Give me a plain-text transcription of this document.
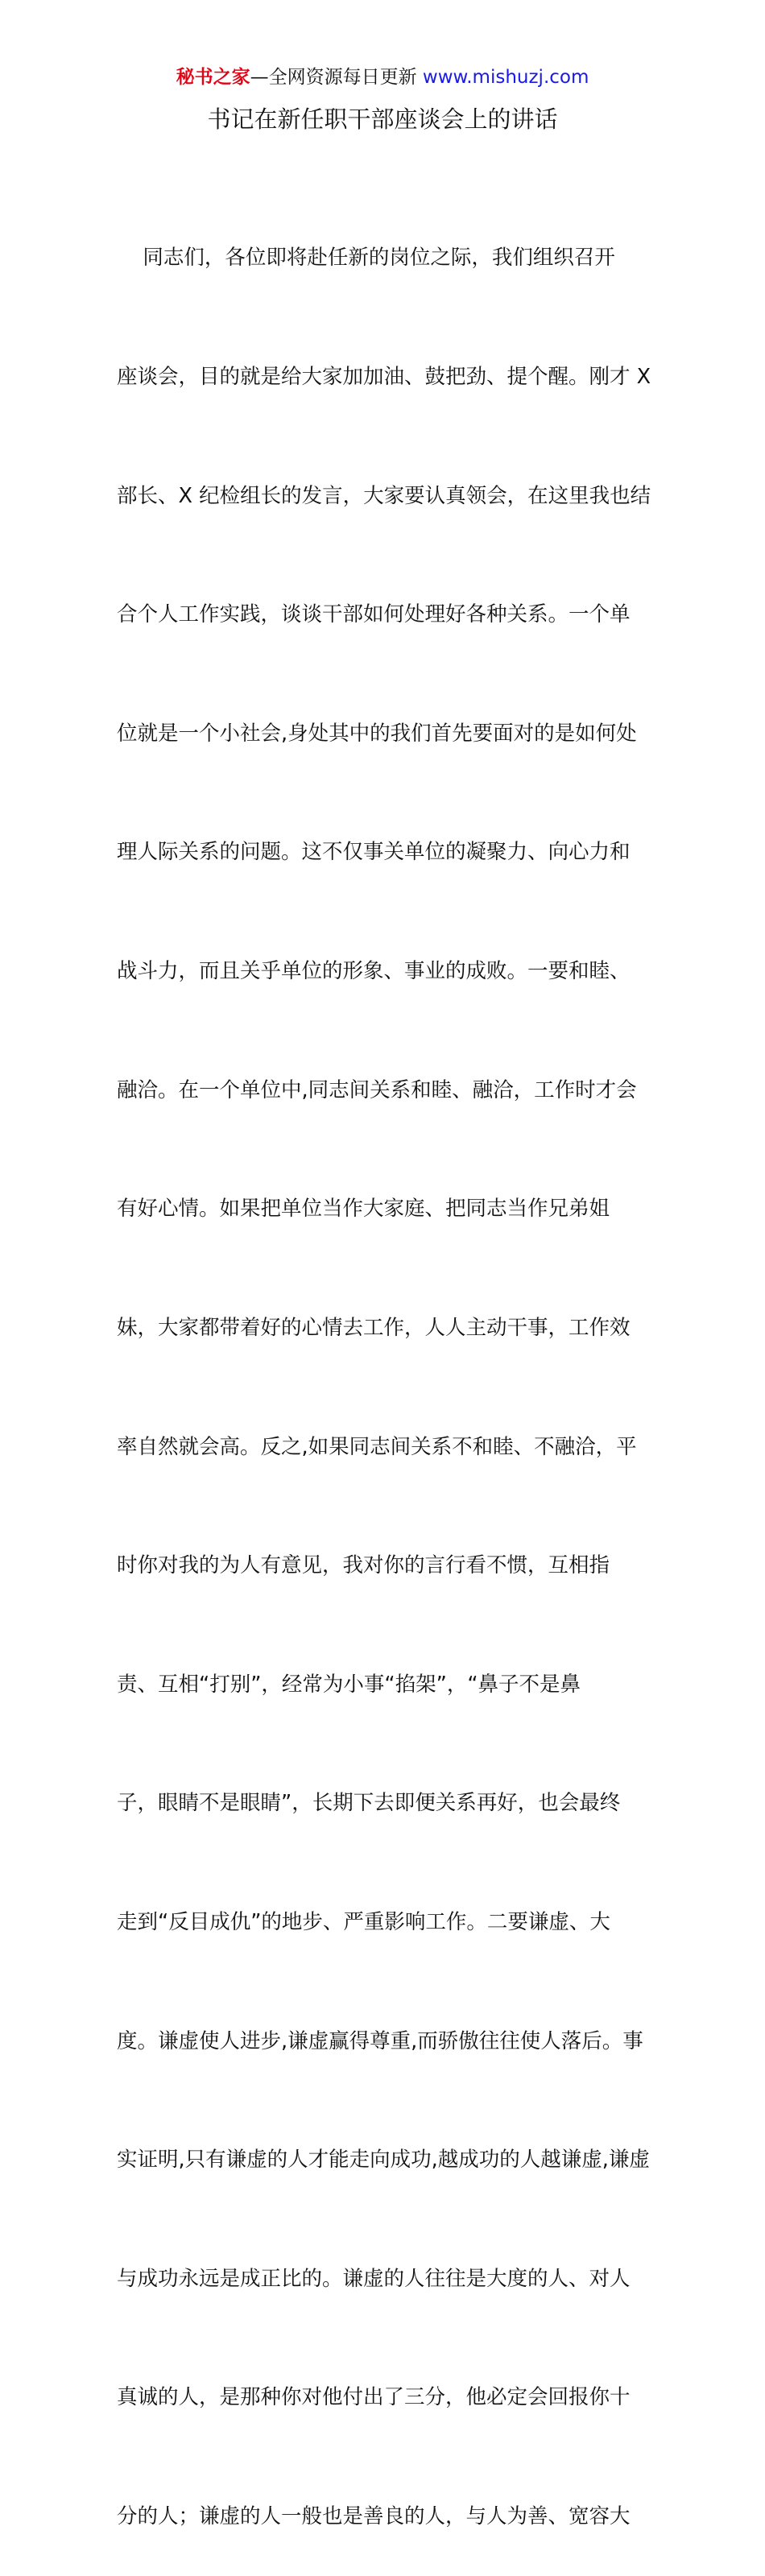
秘书之家—全网资源每日更新 www.mishuzj.com
书记在新任职干部座谈会上的讲话

同志们，各位即将赴任新的岗位之际，我们组织召开

座谈会，目的就是给大家加加油、鼓把劲、提个醒。刚才 X

部长、X 纪检组长的发言，大家要认真领会，在这里我也结

合个人工作实践，谈谈干部如何处理好各种关系。一个单

位就是一个小社会,身处其中的我们首先要面对的是如何处

理人际关系的问题。这不仅事关单位的凝聚力、向心力和

战斗力，而且关乎单位的形象、事业的成败。一要和睦、

融洽。在一个单位中,同志间关系和睦、融洽，工作时才会

有好心情。如果把单位当作大家庭、把同志当作兄弟姐

妹，大家都带着好的心情去工作，人人主动干事，工作效

率自然就会高。反之,如果同志间关系不和睦、不融洽，平

时你对我的为人有意见，我对你的言行看不惯，互相指

责、互相“打别”，经常为小事“掐架”，“鼻子不是鼻

子，眼睛不是眼睛”，长期下去即便关系再好，也会最终

走到“反目成仇”的地步、严重影响工作。二要谦虚、大

度。谦虚使人进步,谦虚赢得尊重,而骄傲往往使人落后。事

实证明,只有谦虚的人才能走向成功,越成功的人越谦虚,谦虚

与成功永远是成正比的。谦虚的人往往是大度的人、对人

真诚的人，是那种你对他付出了三分，他必定会回报你十

分的人；谦虚的人一般也是善良的人，与人为善、宽容大
